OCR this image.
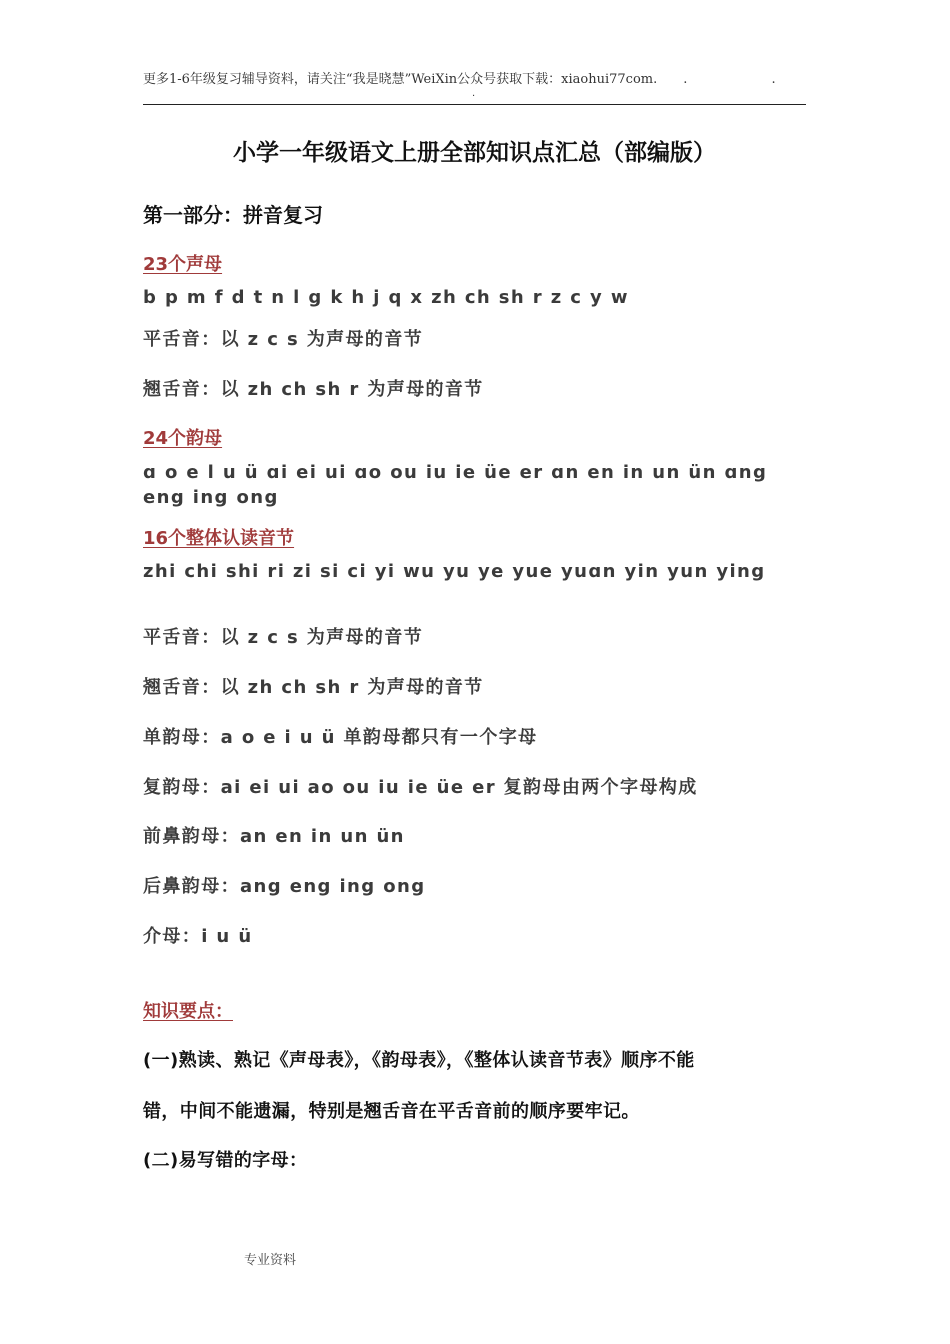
更多1-6年级复习辅导资料，请关注“我是晓慧”WeiXin公众号获取下载：xiaohui77com. . .
.
小学一年级语文上册全部知识点汇总（部编版）
第一部分：拼音复习
23个声母
b p m f d t n l g k h j q x zh ch sh r z c y w
平舌音：以 z c s 为声母的音节
翘舌音：以 zh ch sh r 为声母的音节
24个韵母
ɑ o e l u ü ɑi ei ui ɑo ou iu ie üe er ɑn en in un ün ɑng eng ing ong
16个整体认读音节
zhi chi shi ri zi si ci yi wu yu ye yue yuɑn yin yun ying
平舌音：以 z c s 为声母的音节
翘舌音：以 zh ch sh r 为声母的音节
单韵母：a o e i u ü 单韵母都只有一个字母
复韵母：ai ei ui ao ou iu ie üe er 复韵母由两个字母构成
前鼻韵母：an en in un ün
后鼻韵母：ang eng ing ong
介母：i u ü
知识要点：
(一)熟读、熟记《声母表》，《韵母表》，《整体认读音节表》顺序不能
错，中间不能遗漏，特别是翘舌音在平舌音前的顺序要牢记。
(二)易写错的字母：
专业资料
